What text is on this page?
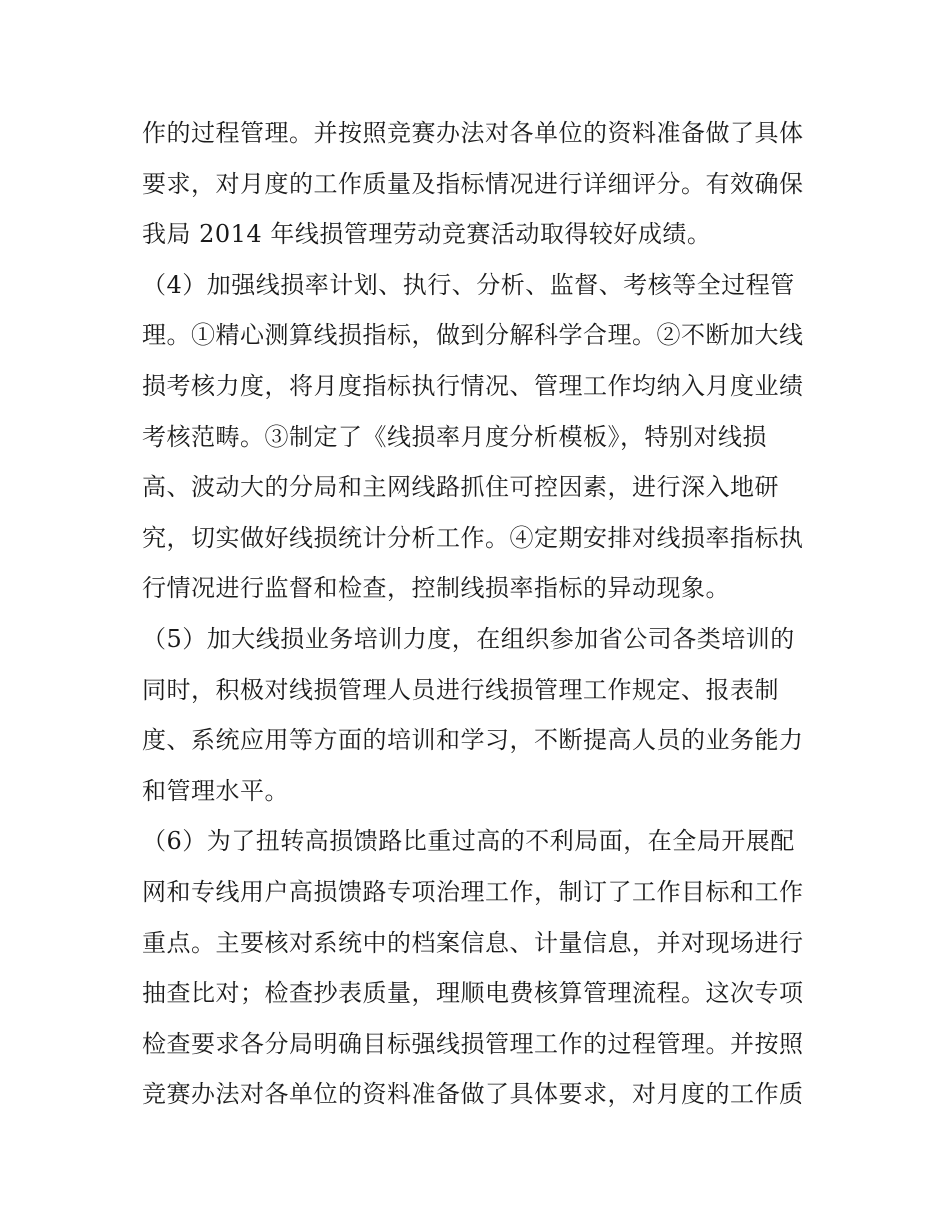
作的过程管理。并按照竞赛办法对各单位的资料准备做了具体
要求，对月度的工作质量及指标情况进行详细评分。有效确保
我局 2014 年线损管理劳动竞赛活动取得较好成绩。
（4）加强线损率计划、执行、分析、监督、考核等全过程管
理。①精心测算线损指标，做到分解科学合理。②不断加大线
损考核力度，将月度指标执行情况、管理工作均纳入月度业绩
考核范畴。③制定了《线损率月度分析模板》，特别对线损
高、波动大的分局和主网线路抓住可控因素，进行深入地研
究，切实做好线损统计分析工作。④定期安排对线损率指标执
行情况进行监督和检查，控制线损率指标的异动现象。
（5）加大线损业务培训力度，在组织参加省公司各类培训的
同时，积极对线损管理人员进行线损管理工作规定、报表制
度、系统应用等方面的培训和学习，不断提高人员的业务能力
和管理水平。
（6）为了扭转高损馈路比重过高的不利局面，在全局开展配
网和专线用户高损馈路专项治理工作，制订了工作目标和工作
重点。主要核对系统中的档案信息、计量信息，并对现场进行
抽查比对；检查抄表质量，理顺电费核算管理流程。这次专项
检查要求各分局明确目标强线损管理工作的过程管理。并按照
竞赛办法对各单位的资料准备做了具体要求，对月度的工作质
